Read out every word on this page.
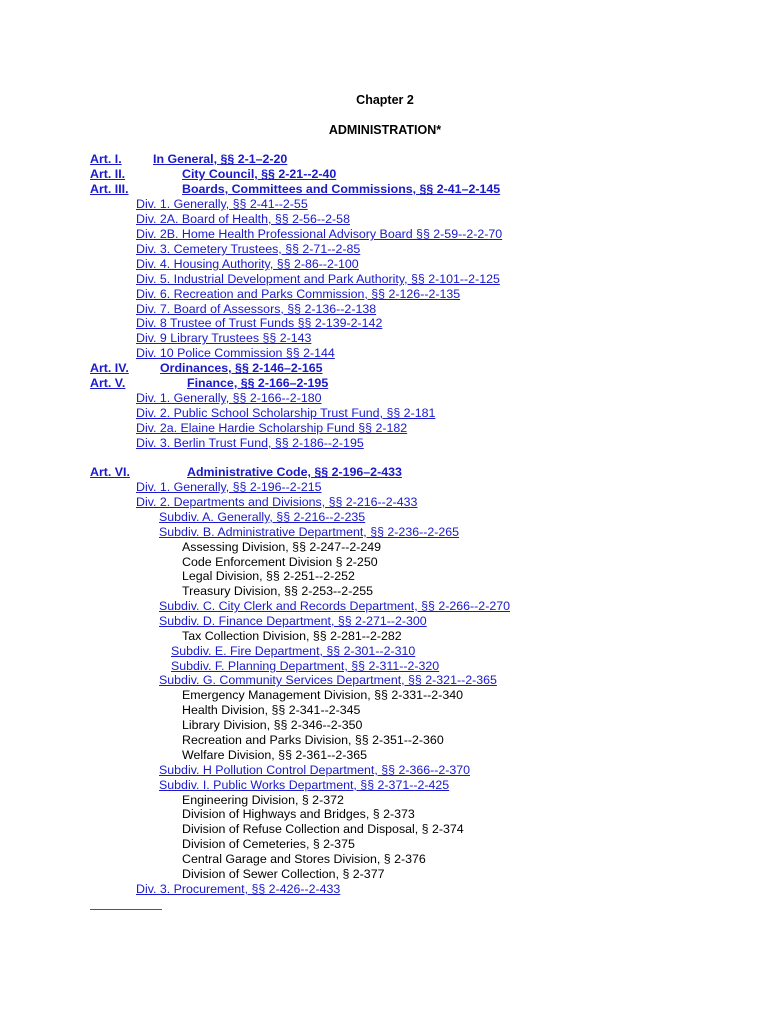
Chapter 2
ADMINISTRATION*
Art. I.	In General, §§ 2-1–2-20
Art. II.	City Council, §§ 2-21--2-40
Art. III.	Boards, Committees and Commissions, §§ 2-41–2-145
Div. 1. Generally, §§ 2-41--2-55
Div. 2A. Board of Health, §§ 2-56--2-58
Div. 2B. Home Health Professional Advisory Board §§ 2-59--2-2-70
Div. 3. Cemetery Trustees, §§ 2-71--2-85
Div. 4. Housing Authority, §§ 2-86--2-100
Div. 5. Industrial Development and Park Authority, §§ 2-101--2-125
Div. 6. Recreation and Parks Commission, §§ 2-126--2-135
Div. 7. Board of Assessors, §§ 2-136--2-138
Div. 8 Trustee of Trust Funds §§ 2-139-2-142
Div. 9 Library Trustees §§ 2-143
Div. 10 Police Commission §§ 2-144
Art. IV.	Ordinances, §§ 2-146–2-165
Art. V.	Finance, §§ 2-166–2-195
Div. 1. Generally, §§ 2-166--2-180
Div. 2. Public School Scholarship Trust Fund, §§ 2-181
Div. 2a. Elaine Hardie Scholarship Fund §§ 2-182
Div. 3. Berlin Trust Fund, §§ 2-186--2-195
Art. VI.	Administrative Code, §§ 2-196–2-433
Div. 1. Generally, §§ 2-196--2-215
Div. 2. Departments and Divisions, §§ 2-216--2-433
Subdiv. A. Generally, §§ 2-216--2-235
Subdiv. B. Administrative Department, §§ 2-236--2-265
Assessing Division, §§ 2-247--2-249
Code Enforcement Division § 2-250
Legal Division, §§ 2-251--2-252
Treasury Division, §§ 2-253--2-255
Subdiv. C. City Clerk and Records Department, §§ 2-266--2-270
Subdiv. D. Finance Department, §§ 2-271--2-300
Tax Collection Division, §§ 2-281--2-282
Subdiv. E. Fire Department, §§ 2-301--2-310
Subdiv. F. Planning Department, §§ 2-311--2-320
Subdiv. G. Community Services Department, §§ 2-321--2-365
Emergency Management Division, §§ 2-331--2-340
Health Division, §§ 2-341--2-345
Library Division, §§ 2-346--2-350
Recreation and Parks Division, §§ 2-351--2-360
Welfare Division, §§ 2-361--2-365
Subdiv. H Pollution Control Department, §§ 2-366--2-370
Subdiv. I. Public Works Department, §§ 2-371--2-425
Engineering Division, § 2-372
Division of Highways and Bridges, § 2-373
Division of Refuse Collection and Disposal, § 2-374
Division of Cemeteries, § 2-375
Central Garage and Stores Division, § 2-376
Division of Sewer Collection, § 2-377
Div. 3. Procurement, §§ 2-426--2-433
